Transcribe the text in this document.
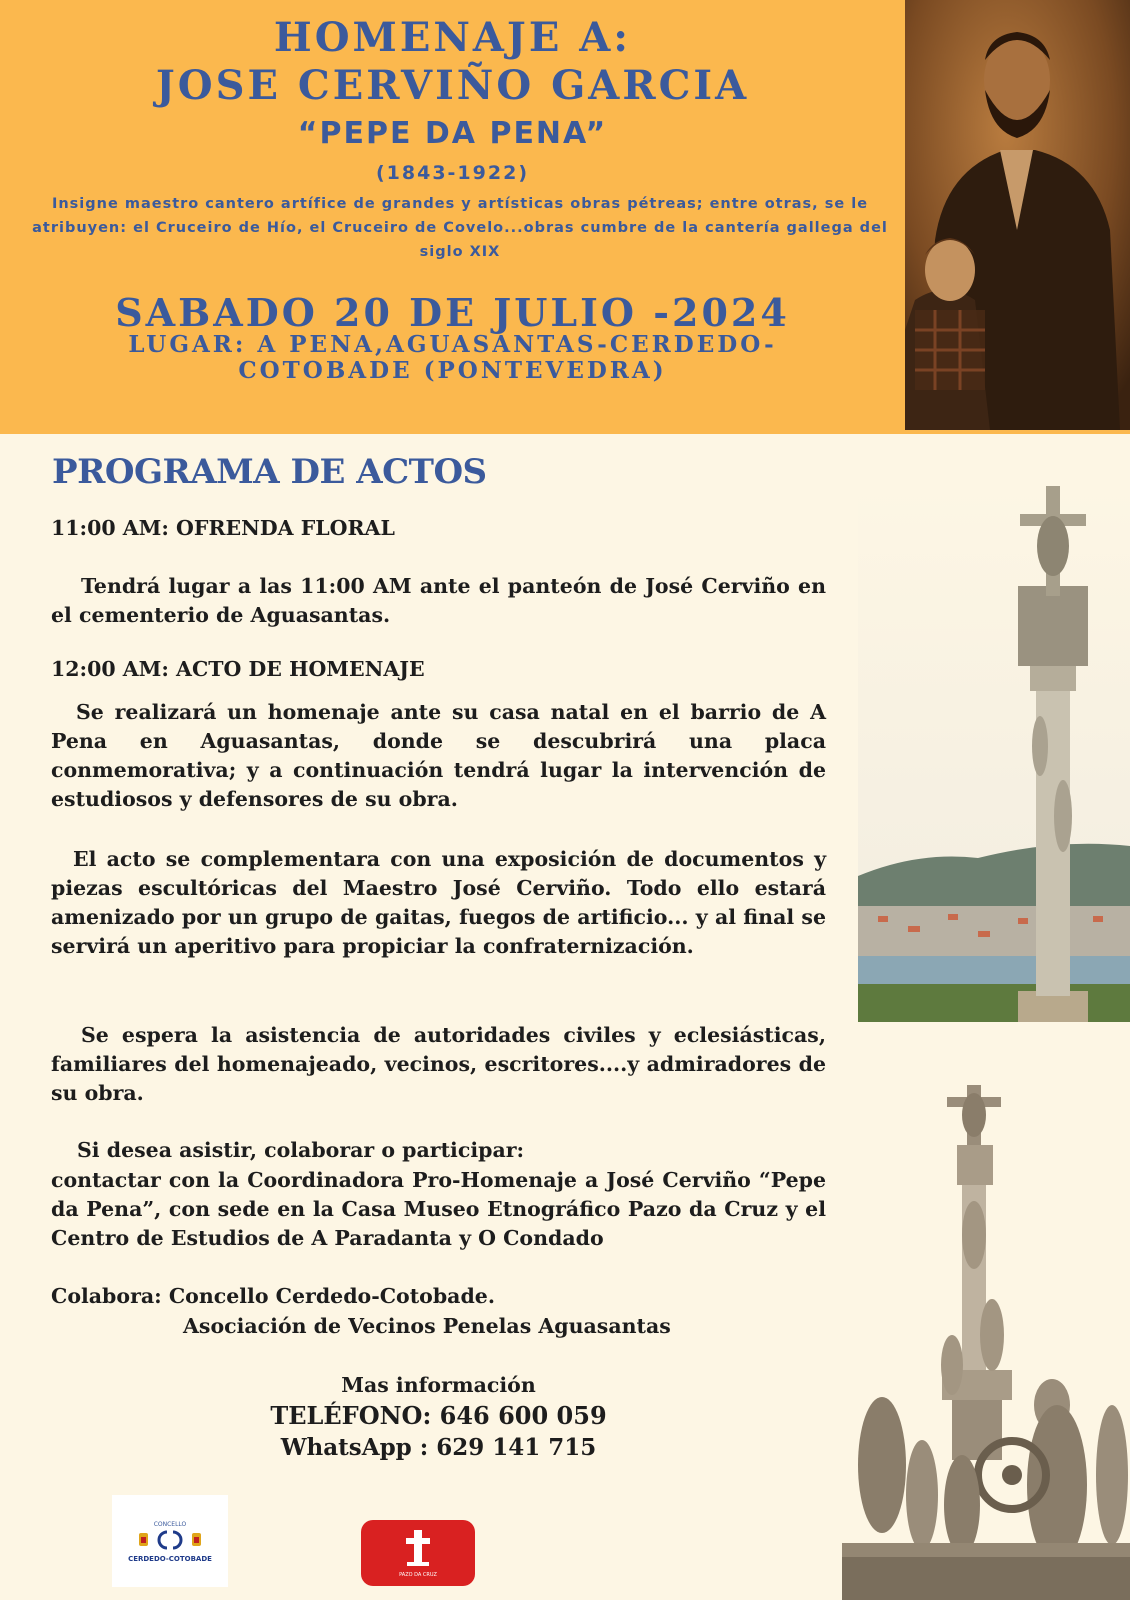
HOMENAJE A:
JOSE CERVIÑO GARCIA
“PEPE DA PENA”
(1843-1922)

Insigne maestro cantero artífice de grandes y artísticas obras pétreas; entre otras, se le atribuyen: el Cruceiro de Hío, el Cruceiro de Covelo...obras cumbre de la cantería gallega del siglo XIX

SABADO 20 DE JULIO -2024
LUGAR: A PENA,AGUASANTAS-CERDEDO-COTOBADE (PONTEVEDRA)
PROGRAMA DE ACTOS
11:00 AM: OFRENDA FLORAL

Tendrá lugar a las 11:00 AM ante el panteón de José Cerviño en el cementerio de Aguasantas.

12:00 AM: ACTO DE HOMENAJE

Se realizará un homenaje ante su casa natal en el barrio de A Pena en Aguasantas, donde se descubrirá una placa conmemorativa; y a continuación tendrá lugar la intervención de estudiosos y defensores de su obra.

El acto se complementara con una exposición de documentos y piezas escultóricas del Maestro José Cerviño. Todo ello estará amenizado por un grupo de gaitas, fuegos de artificio... y al final se servirá un aperitivo para propiciar la confraternización.

Se espera la asistencia de autoridades civiles y eclesiásticas, familiares del homenajeado, vecinos, escritores....y admiradores de su obra.

Si desea asistir, colaborar o participar:

contactar con la Coordinadora Pro-Homenaje a José Cerviño “Pepe da Pena”, con sede en la Casa Museo Etnográfico Pazo da Cruz y el Centro de Estudios de A Paradanta y O Condado

Colabora: Concello Cerdedo-Cotobade.
Asociación de Vecinos Penelas Aguasantas
Mas información
TELÉFONO: 646 600 059
WhatsApp : 629 141 715
CONCELLO
CERDEDO-COTOBADE
PAZO DA CRUZ
